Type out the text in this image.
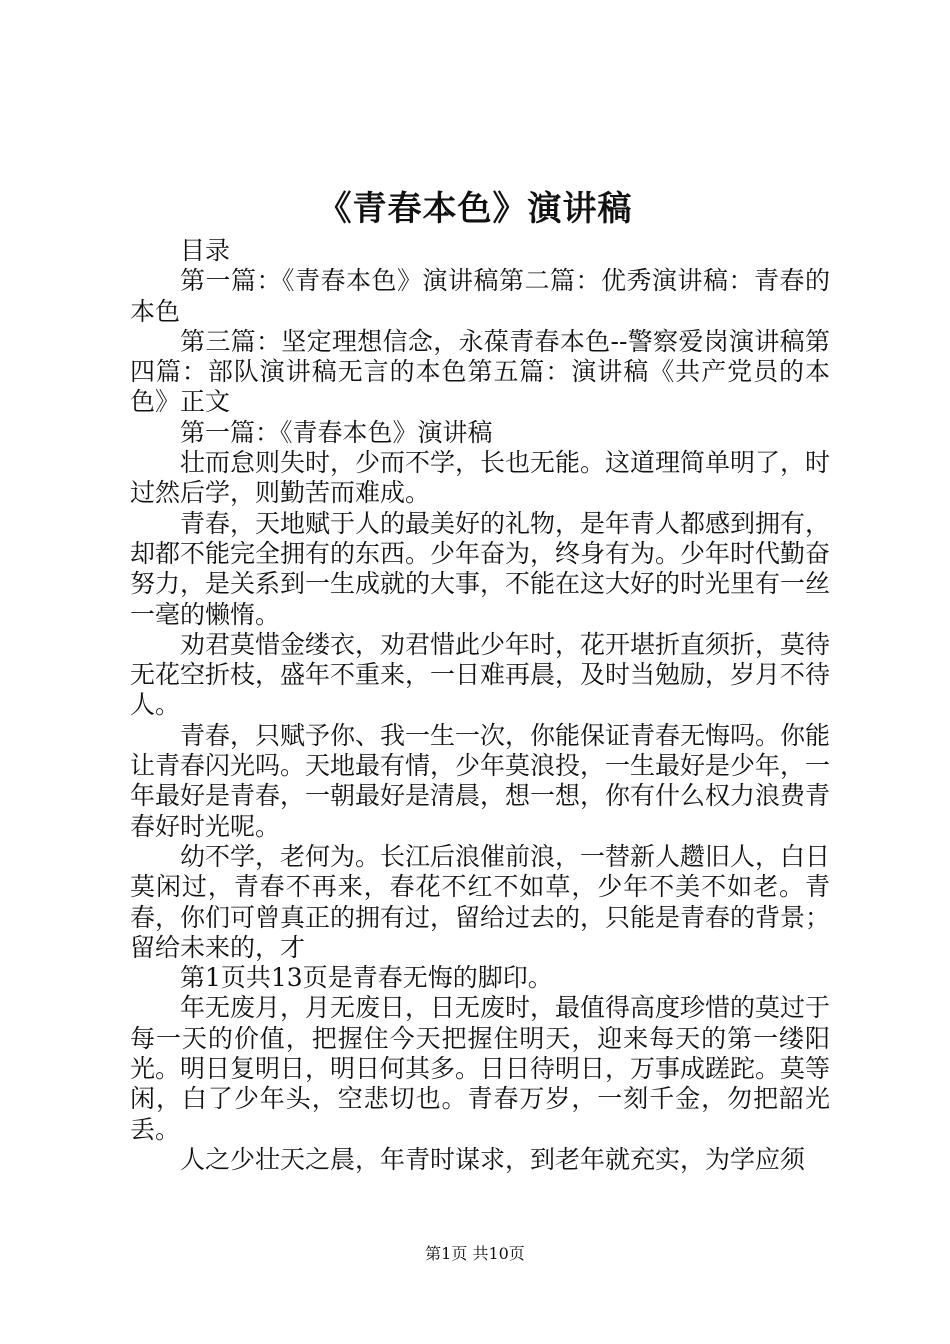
《青春本色》演讲稿

目录

第一篇：《青春本色》演讲稿第二篇：优秀演讲稿：青春的本色

第三篇：坚定理想信念，永葆青春本色--警察爱岗演讲稿第四篇：部队演讲稿无言的本色第五篇：演讲稿《共产党员的本色》正文

第一篇：《青春本色》演讲稿

壮而怠则失时，少而不学，长也无能。这道理简单明了，时过然后学，则勤苦而难成。

青春，天地赋于人的最美好的礼物，是年青人都感到拥有，却都不能完全拥有的东西。少年奋为，终身有为。少年时代勤奋努力，是关系到一生成就的大事，不能在这大好的时光里有一丝一毫的懒惰。

劝君莫惜金缕衣，劝君惜此少年时，花开堪折直须折，莫待无花空折枝，盛年不重来，一日难再晨，及时当勉励，岁月不待人。

青春，只赋予你、我一生一次，你能保证青春无悔吗。你能让青春闪光吗。天地最有情，少年莫浪投，一生最好是少年，一年最好是青春，一朝最好是清晨，想一想，你有什么权力浪费青春好时光呢。

幼不学，老何为。长江后浪催前浪，一替新人趱旧人，白日莫闲过，青春不再来，春花不红不如草，少年不美不如老。青春，你们可曾真正的拥有过，留给过去的，只能是青春的背景；留给未来的，才

第1页共13页是青春无悔的脚印。

年无废月，月无废日，日无废时，最值得高度珍惜的莫过于每一天的价值，把握住今天把握住明天，迎来每天的第一缕阳光。明日复明日，明日何其多。日日待明日，万事成蹉跎。莫等闲，白了少年头，空悲切也。青春万岁，一刻千金，勿把韶光丢。

人之少壮天之晨，年青时谋求，到老年就充实，为学应须

第1页 共10页
